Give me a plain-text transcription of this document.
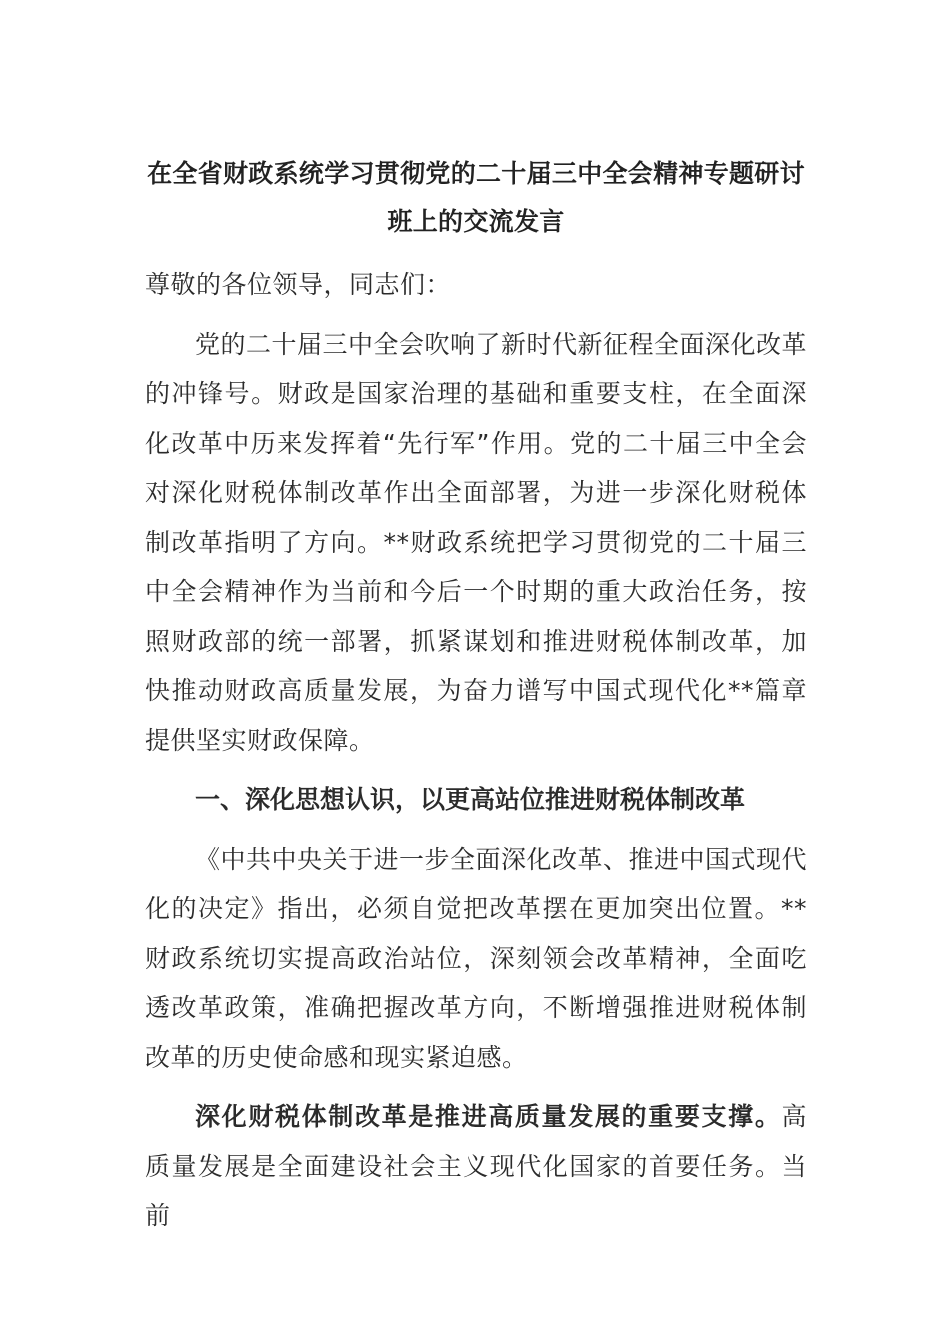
在全省财政系统学习贯彻党的二十届三中全会精神专题研讨班上的交流发言
尊敬的各位领导，同志们：

党的二十届三中全会吹响了新时代新征程全面深化改革的冲锋号。财政是国家治理的基础和重要支柱，在全面深化改革中历来发挥着“先行军”作用。党的二十届三中全会对深化财税体制改革作出全面部署，为进一步深化财税体制改革指明了方向。**财政系统把学习贯彻党的二十届三中全会精神作为当前和今后一个时期的重大政治任务，按照财政部的统一部署，抓紧谋划和推进财税体制改革，加快推动财政高质量发展，为奋力谱写中国式现代化**篇章提供坚实财政保障。

一、深化思想认识，以更高站位推进财税体制改革

《中共中央关于进一步全面深化改革、推进中国式现代化的决定》指出，必须自觉把改革摆在更加突出位置。**财政系统切实提高政治站位，深刻领会改革精神，全面吃透改革政策，准确把握改革方向，不断增强推进财税体制改革的历史使命感和现实紧迫感。

深化财税体制改革是推进高质量发展的重要支撑。高质量发展是全面建设社会主义现代化国家的首要任务。当前
